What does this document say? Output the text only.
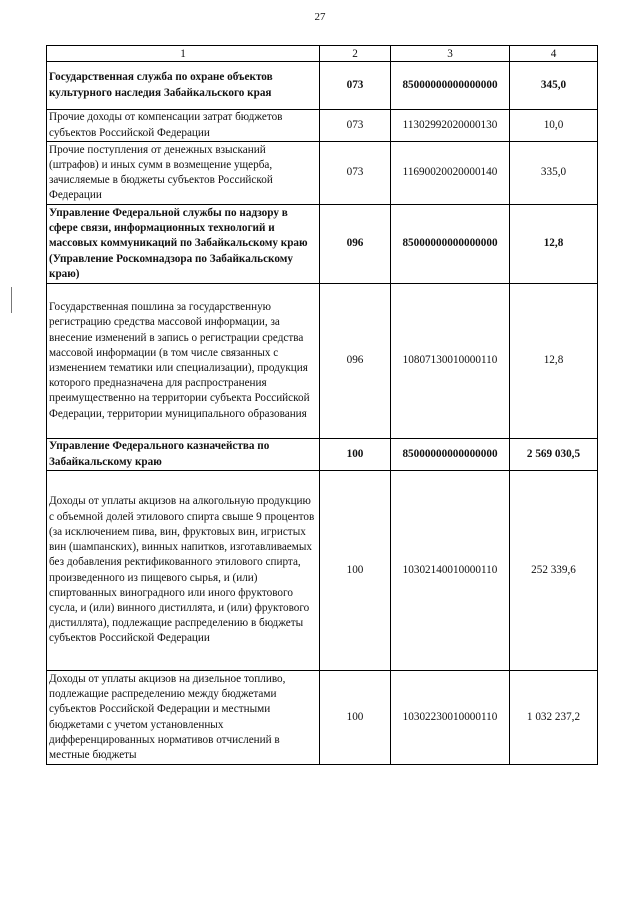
27
1	2	3	4
Государственная служба по охране объектов культурного наследия Забайкальского края	073	85000000000000000	345,0
Прочие доходы от компенсации затрат бюджетов субъектов Российской Федерации	073	11302992020000130	10,0
Прочие поступления от денежных взысканий (штрафов) и иных сумм в возмещение ущерба, зачисляемые в бюджеты субъектов Российской Федерации	073	11690020020000140	335,0
Управление Федеральной службы по надзору в сфере связи, информационных технологий и массовых коммуникаций по Забайкальскому краю (Управление Роскомнадзора по Забайкальскому краю)	096	85000000000000000	12,8
Государственная пошлина за государственную регистрацию средства массовой информации, за внесение изменений в запись о регистрации средства массовой информации (в том числе связанных с изменением тематики или специализации), продукция которого предназначена для распространения преимущественно на территории субъекта Российской Федерации, территории муниципального образования	096	10807130010000110	12,8
Управление Федерального казначейства по Забайкальскому краю	100	85000000000000000	2 569 030,5
Доходы от уплаты акцизов на алкогольную продукцию с объемной долей этилового спирта свыше 9 процентов (за исключением пива, вин, фруктовых вин, игристых вин (шампанских), винных напитков, изготавливаемых без добавления ректификованного этилового спирта, произведенного из пищевого сырья, и (или) спиртованных виноградного или иного фруктового сусла, и (или) винного дистиллята, и (или) фруктового дистиллята), подлежащие распределению в бюджеты субъектов Российской Федерации	100	10302140010000110	252 339,6
Доходы от уплаты акцизов на дизельное топливо, подлежащие распределению между бюджетами субъектов Российской Федерации и местными бюджетами с учетом установленных дифференцированных нормативов отчислений в местные бюджеты	100	10302230010000110	1 032 237,2
